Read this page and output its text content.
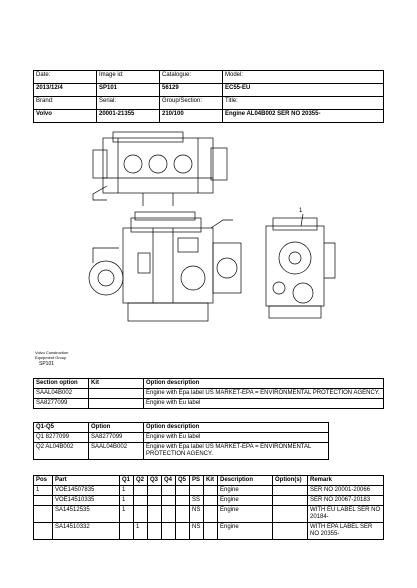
Date:	Image id:	Catalogue:	Model:
2013/12/4	SP101	56129	EC55-EU
Brand:	Serial:	Group/Section:	Title:
Volvo	20001-21355	210/100	Engine AL04B002 SER NO 20355-
1
Volvo Construction
Equipment Group
SP101
Section option	Kit	Option description
SAAL04B002		Engine with Epa label US MARKET-EPA = ENVIRONMENTAL PROTECTION AGENCY.
SA8277099		Engine with Eu label
Q1-Q5	Option	Option description	
Q1 8277099	SA8277099	Engine with Eu label	
Q2 AL04B002	SAAL04B002	Engine with Epa label US MARKET-EPA = ENVIRONMENTAL PROTECTION AGENCY.	
Pos	Part	Q1	Q2	Q3	Q4	Q5	PS	Kit	Description	Option(s)	Remark
1	VOE14507835	1							Engine		SER NO 20001-20066
	VOE14510335	1					SS		Engine		SER NO 20067-20183
	SA14512535	1					NS		Engine		WITH EU LABEL SER NO 20184-
	SA14510332		1				NS		Engine		WITH EPA LABEL SER NO 20355-
